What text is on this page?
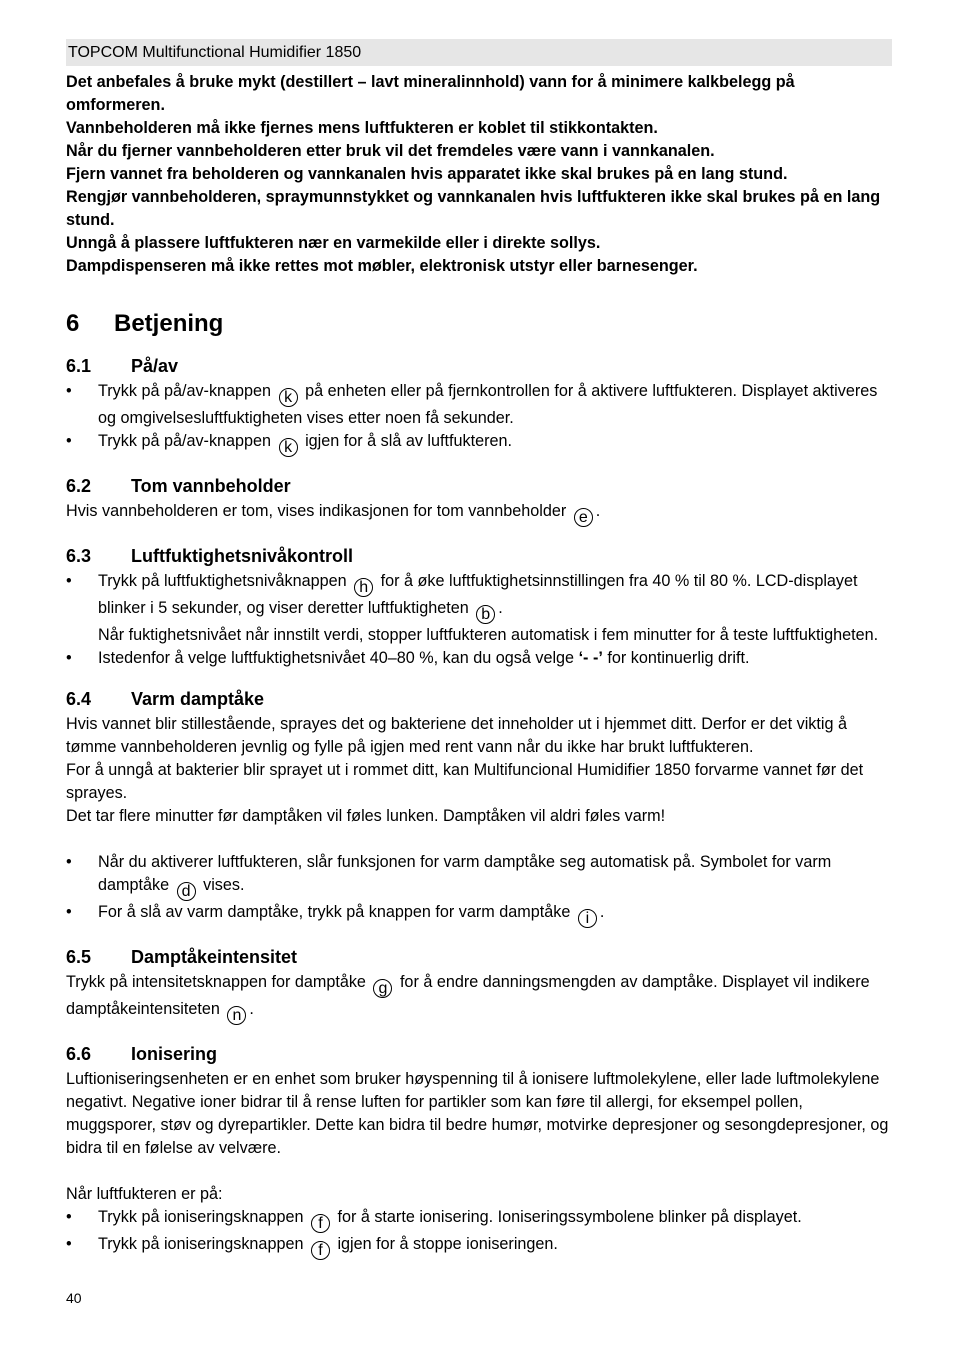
TOPCOM Multifunctional Humidifier 1850

Det anbefales å bruke mykt (destillert – lavt mineralinnhold) vann for å minimere kalkbelegg på omformeren.

Vannbeholderen må ikke fjernes mens luftfukteren er koblet til stikkontakten.

Når du fjerner vannbeholderen etter bruk vil det fremdeles være vann i vannkanalen.

Fjern vannet fra beholderen og vannkanalen hvis apparatet ikke skal brukes på en lang stund.

Rengjør vannbeholderen, spraymunnstykket og vannkanalen hvis luftfukteren ikke skal brukes på en lang stund.

Unngå å plassere luftfukteren nær en varmekilde eller i direkte sollys.

Dampdispenseren må ikke rettes mot møbler, elektronisk utstyr eller barnesenger.

6 Betjening
6.1 På/av
• Trykk på på/av-knappen k på enheten eller på fjernkontrollen for å aktivere luftfukteren. Displayet aktiveres og omgivelsesluftfuktigheten vises etter noen få sekunder.
• Trykk på på/av-knappen k igjen for å slå av luftfukteren.
6.2 Tom vannbeholder

Hvis vannbeholderen er tom, vises indikasjonen for tom vannbeholder e .

6.3 Luftfuktighetsnivåkontroll
• Trykk på luftfuktighetsnivåknappen h for å øke luftfuktighetsinnstillingen fra 40 % til 80 %. LCD-displayet blinker i 5 sekunder, og viser deretter luftfuktigheten b .
Når fuktighetsnivået når innstilt verdi, stopper luftfukteren automatisk i fem minutter for å teste luftfuktigheten.
• Istedenfor å velge luftfuktighetsnivået 40–80 %, kan du også velge ‘- -’ for kontinuerlig drift.
6.4 Varm damptåke

Hvis vannet blir stillestående, sprayes det og bakteriene det inneholder ut i hjemmet ditt. Derfor er det viktig å tømme vannbeholderen jevnlig og fylle på igjen med rent vann når du ikke har brukt luftfukteren.

For å unngå at bakterier blir sprayet ut i rommet ditt, kan Multifuncional Humidifier 1850 forvarme vannet før det sprayes.

Det tar flere minutter før damptåken vil føles lunken. Damptåken vil aldri føles varm!

• Når du aktiverer luftfukteren, slår funksjonen for varm damptåke seg automatisk på. Symbolet for varm damptåke d vises.
• For å slå av varm damptåke, trykk på knappen for varm damptåke i .
6.5 Damptåkeintensitet

Trykk på intensitetsknappen for damptåke g for å endre danningsmengden av damptåke. Displayet vil indikere damptåkeintensiteten n .

6.6 Ionisering

Luftioniseringsenheten er en enhet som bruker høyspenning til å ionisere luftmolekylene, eller lade luftmolekylene negativt. Negative ioner bidrar til å rense luften for partikler som kan føre til allergi, for eksempel pollen, muggsporer, støv og dyrepartikler. Dette kan bidra til bedre humør, motvirke depresjoner og sesongdepresjoner, og bidra til en følelse av velvære.

Når luftfukteren er på:

• Trykk på ioniseringsknappen f for å starte ionisering. Ioniseringssymbolene blinker på displayet.
• Trykk på ioniseringsknappen f igjen for å stoppe ioniseringen.
40
